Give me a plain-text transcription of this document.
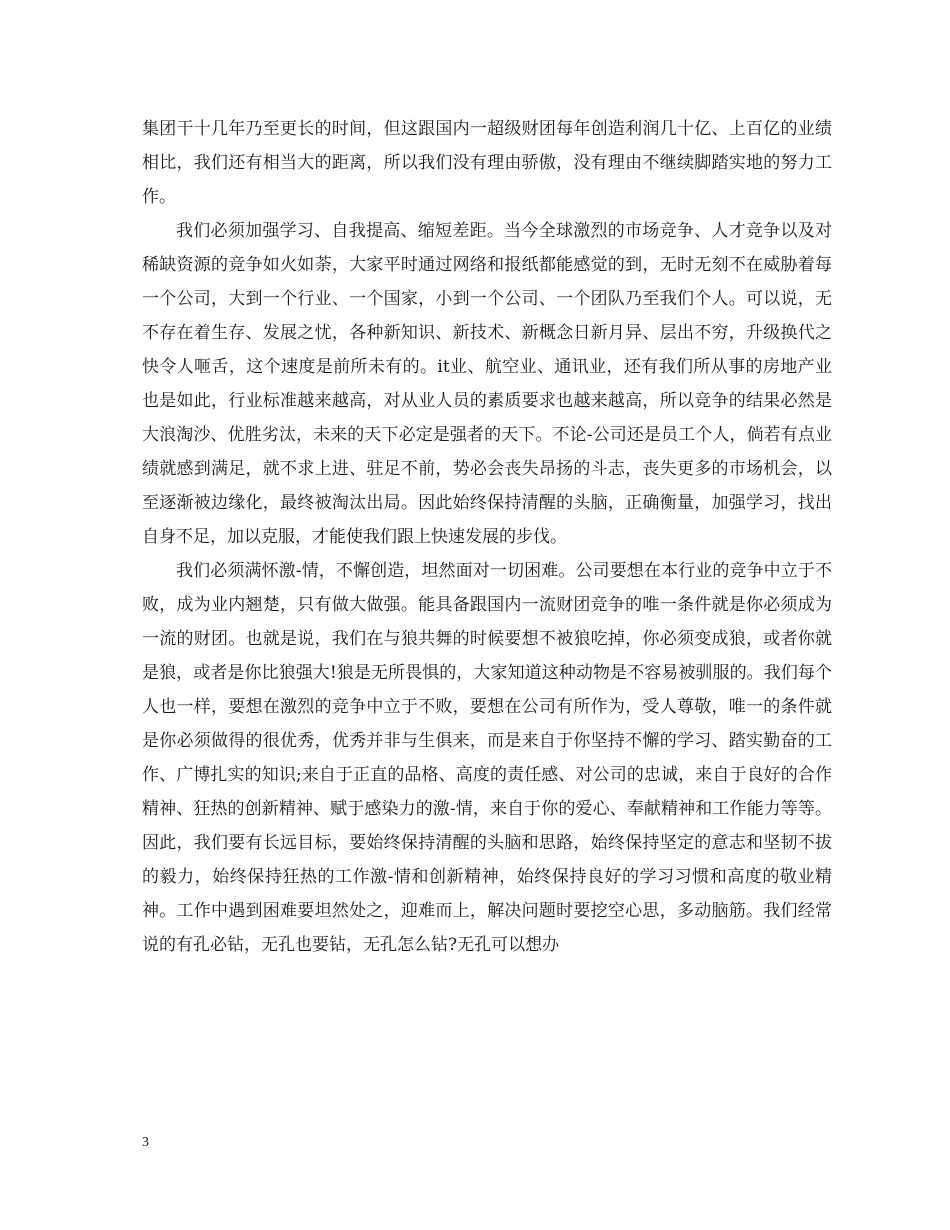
集团干十几年乃至更长的时间，但这跟国内一超级财团每年创造利润几十亿、上百亿的业绩相比，我们还有相当大的距离，所以我们没有理由骄傲，没有理由不继续脚踏实地的努力工作。

我们必须加强学习、自我提高、缩短差距。当今全球激烈的市场竞争、人才竞争以及对稀缺资源的竞争如火如荼，大家平时通过网络和报纸都能感觉的到，无时无刻不在威胁着每一个公司，大到一个行业、一个国家，小到一个公司、一个团队乃至我们个人。可以说，无不存在着生存、发展之忧，各种新知识、新技术、新概念日新月异、层出不穷，升级换代之快令人咂舌，这个速度是前所未有的。it业、航空业、通讯业，还有我们所从事的房地产业也是如此，行业标准越来越高，对从业人员的素质要求也越来越高，所以竞争的结果必然是大浪淘沙、优胜劣汰，未来的天下必定是强者的天下。不论-公司还是员工个人，倘若有点业绩就感到满足，就不求上进、驻足不前，势必会丧失昂扬的斗志，丧失更多的市场机会，以至逐渐被边缘化，最终被淘汰出局。因此始终保持清醒的头脑，正确衡量，加强学习，找出自身不足，加以克服，才能使我们跟上快速发展的步伐。

我们必须满怀激-情，不懈创造，坦然面对一切困难。公司要想在本行业的竞争中立于不败，成为业内翘楚，只有做大做强。能具备跟国内一流财团竞争的唯一条件就是你必须成为一流的财团。也就是说，我们在与狼共舞的时候要想不被狼吃掉，你必须变成狼，或者你就是狼，或者是你比狼强大!狼是无所畏惧的，大家知道这种动物是不容易被驯服的。我们每个人也一样，要想在激烈的竞争中立于不败，要想在公司有所作为，受人尊敬，唯一的条件就是你必须做得的很优秀，优秀并非与生俱来，而是来自于你坚持不懈的学习、踏实勤奋的工作、广博扎实的知识;来自于正直的品格、高度的责任感、对公司的忠诚，来自于良好的合作精神、狂热的创新精神、赋于感染力的激-情，来自于你的爱心、奉献精神和工作能力等等。因此，我们要有长远目标，要始终保持清醒的头脑和思路，始终保持坚定的意志和坚韧不拔的毅力，始终保持狂热的工作激-情和创新精神，始终保持良好的学习习惯和高度的敬业精神。工作中遇到困难要坦然处之，迎难而上，解决问题时要挖空心思，多动脑筋。我们经常说的有孔必钻，无孔也要钻，无孔怎么钻?无孔可以想办

3
